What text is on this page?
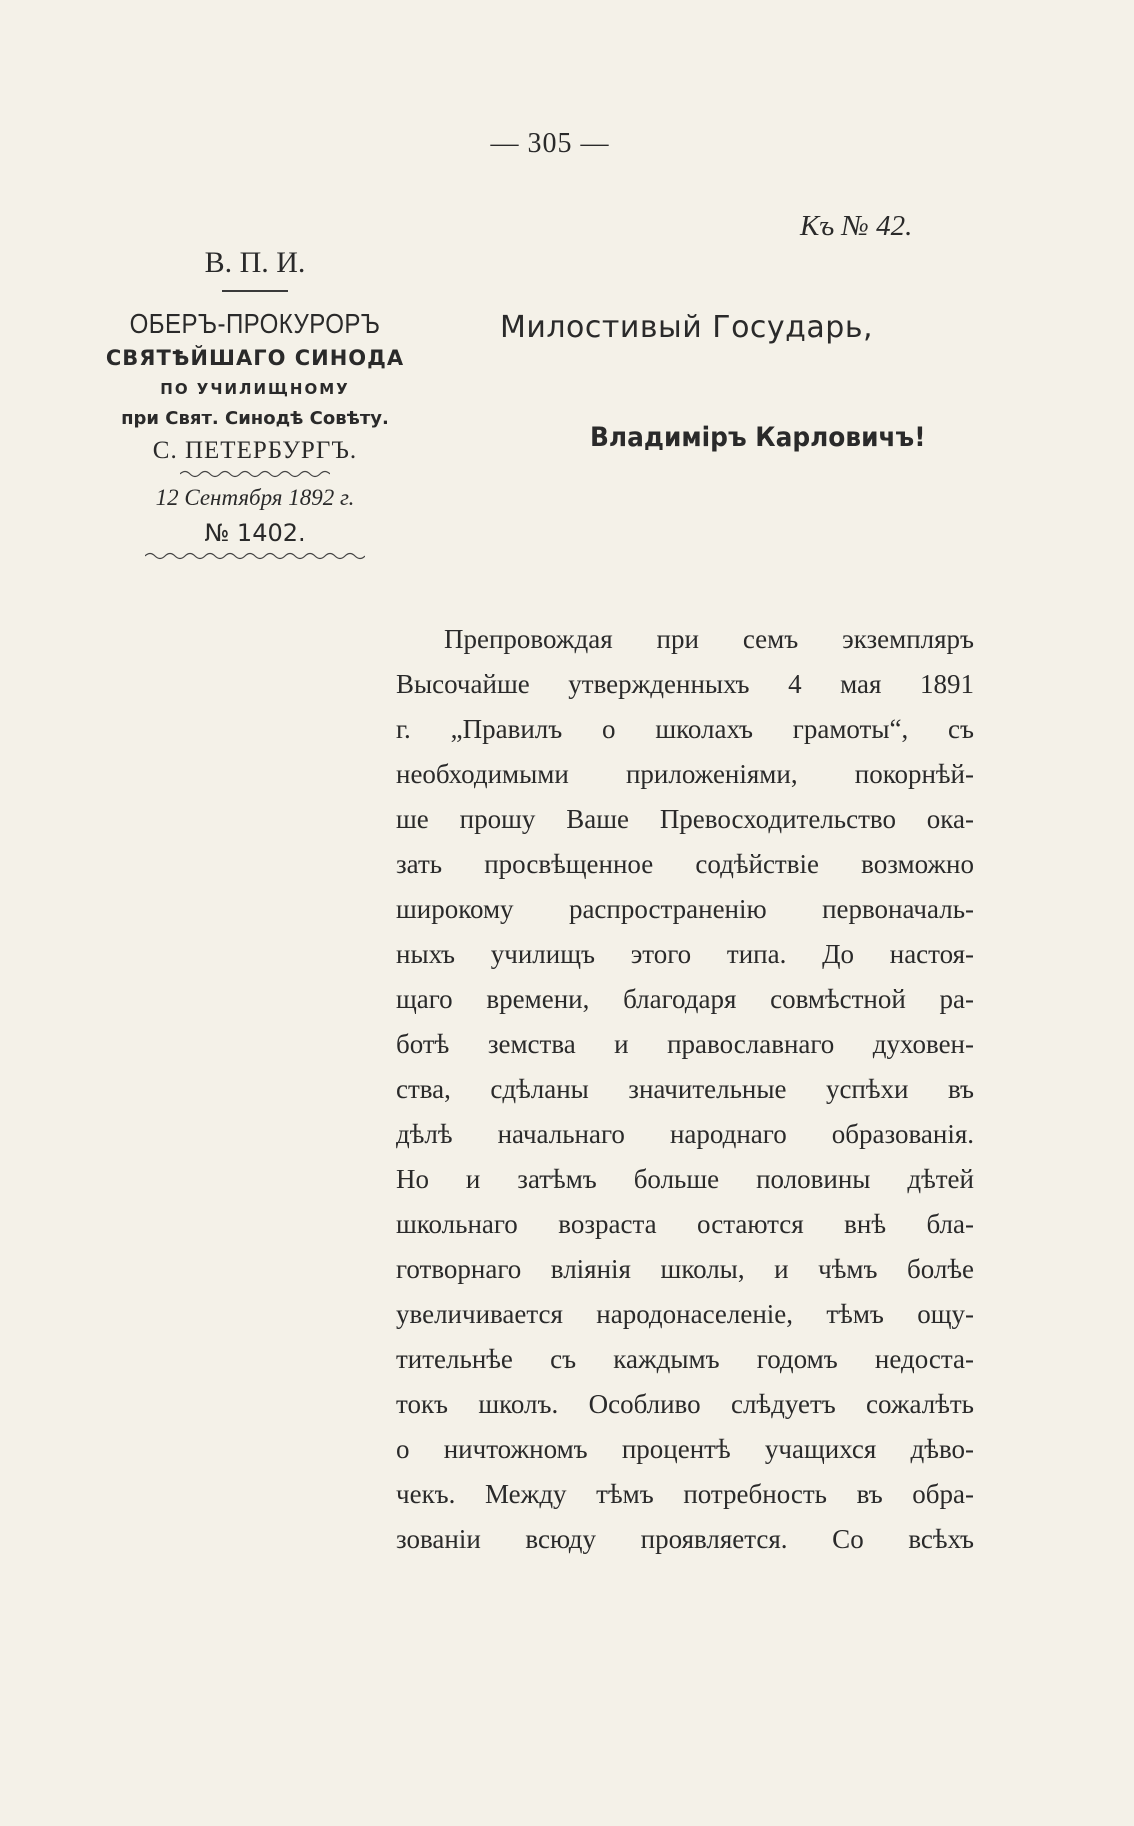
— 305 —
Къ № 42.
В. П. И.
ОБЕРЪ-ПРОКУРОРЪ
СВЯТѢЙШАГО СИНОДА
ПО УЧИЛИЩНОМУ
при Свят. Синодѣ Совѣту.
С. ПЕТЕРБУРГЪ.
12 Сентября 1892 г.
№ 1402.
Милостивый Государь,
Владиміръ Карловичъ!
Препровождая при семъ экземпляръ
Высочайше утвержденныхъ 4 мая 1891
г. „Правилъ о школахъ грамоты“, съ
необходимыми приложеніями, покорнѣй-
ше прошу Ваше Превосходительство ока-
зать просвѣщенное содѣйствіе возможно
широкому распространенію первоначаль-
ныхъ училищъ этого типа. До настоя-
щаго времени, благодаря совмѣстной ра-
ботѣ земства и православнаго духовен-
ства, сдѣланы значительные успѣхи въ
дѣлѣ начальнаго народнаго образованія.
Но и затѣмъ больше половины дѣтей
школьнаго возраста остаются внѣ бла-
готворнаго вліянія школы, и чѣмъ болѣе
увеличивается народонаселеніе, тѣмъ ощу-
тительнѣе съ каждымъ годомъ недоста-
токъ школъ. Особливо слѣдуетъ сожалѣть
о ничтожномъ процентѣ учащихся дѣво-
чекъ. Между тѣмъ потребность въ обра-
зованіи всюду проявляется. Со всѣхъ
